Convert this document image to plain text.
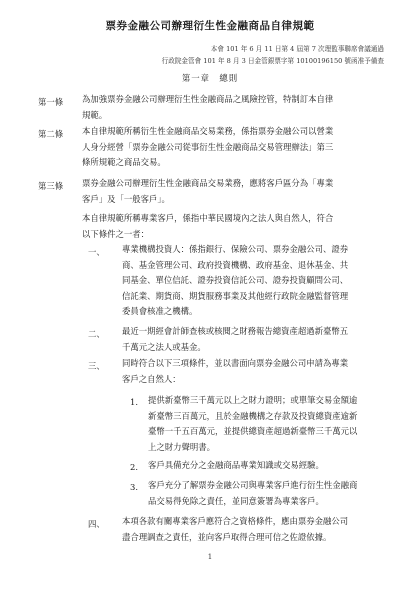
票券金融公司辦理衍生性金融商品自律規範
本會 101 年 6 月 11 日第 4 屆第 7 次理監事聯席會議通過
行政院金管會 101 年 8 月 3 日金管銀票字第 10100196150 號函准予備查
第一章　總則
第一條 為加強票券金融公司辦理衍生性金融商品之風險控管，特制訂本自律
規範。
第二條 本自律規範所稱衍生性金融商品交易業務，係指票券金融公司以營業
人身分經營「票券金融公司從事衍生性金融商品交易管理辦法」第三
條所規範之商品交易。
第三條 票券金融公司辦理衍生性金融商品交易業務，應將客戶區分為「專業
客戶」及「一般客戶」。
本自律規範所稱專業客戶，係指中華民國境內之法人與自然人，符合
以下條件之一者：
一、 專業機構投資人：係指銀行、保險公司、票券金融公司、證券
商、基金管理公司、政府投資機構、政府基金、退休基金、共
同基金、單位信託、證券投資信託公司、證券投資顧問公司、
信託業、期貨商、期貨服務事業及其他經行政院金融監督管理
委員會核准之機構。
二、 最近一期經會計師查核或核閱之財務報告總資產超過新臺幣五
千萬元之法人或基金。
三、 同時符合以下三項條件，並以書面向票券金融公司申請為專業
客戶之自然人：
1. 提供新臺幣三千萬元以上之財力證明；或單筆交易金額逾
新臺幣三百萬元，且於金融機構之存款及投資總資產逾新
臺幣一千五百萬元，並提供總資產超過新臺幣三千萬元以
上之財力聲明書。
2. 客戶具備充分之金融商品專業知識或交易經驗。
3. 客戶充分了解票券金融公司與專業客戶進行衍生性金融商
品交易得免除之責任，並同意簽署為專業客戶。
四、 本項各款有關專業客戶應符合之資格條件，應由票券金融公司
盡合理調查之責任，並向客戶取得合理可信之佐證依據。
1
